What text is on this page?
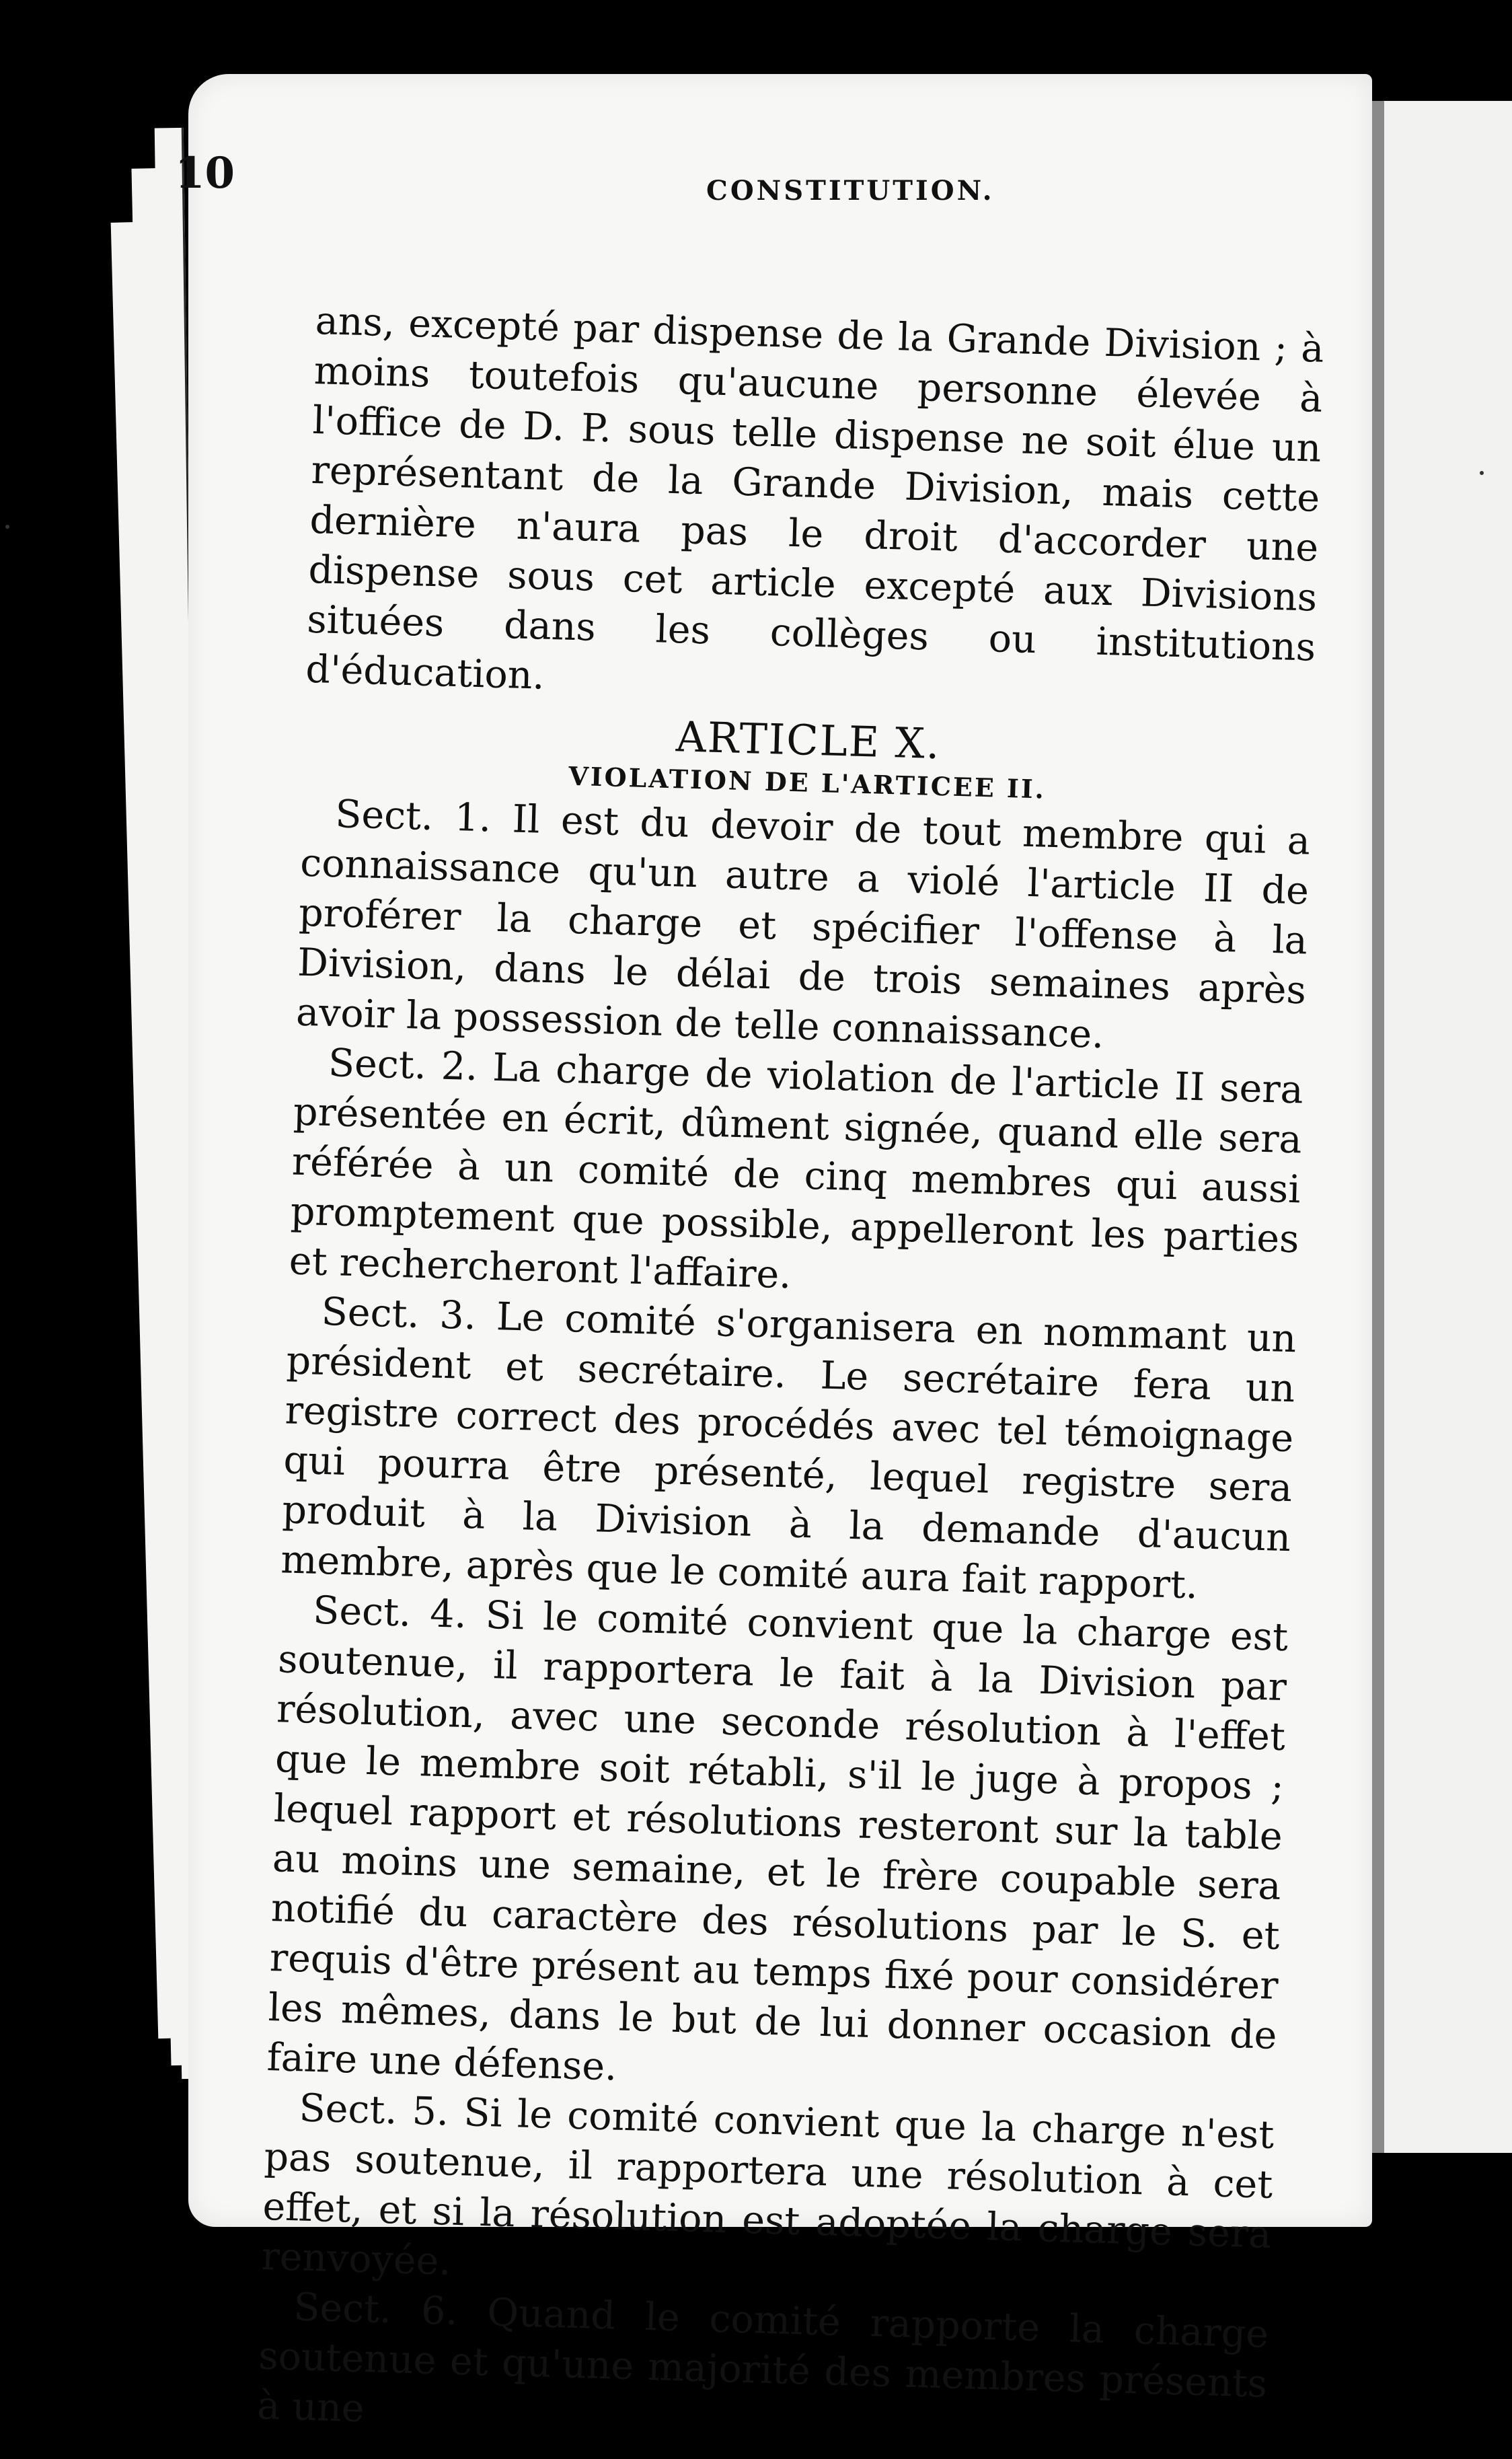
10	CONSTITUTION.

ans, excepté par dispense de la Grande Division ; à moins toutefois qu'aucune personne élevée à l'office de D. P. sous telle dispense ne soit élue un représentant de la Grande Division, mais cette dernière n'aura pas le droit d'accorder une dispense sous cet article excepté aux Divisions situées dans les collèges ou institutions d'éducation.

ARTICLE X.
VIOLATION DE L'ARTICEE II.

Sect. 1. Il est du devoir de tout membre qui a connaissance qu'un autre a violé l'article II de proférer la charge et spécifier l'offense à la Division, dans le délai de trois semaines après avoir la possession de telle connaissance.

Sect. 2. La charge de violation de l'article II sera présentée en écrit, dûment signée, quand elle sera référée à un comité de cinq membres qui aussi promptement que possible, appelleront les parties et rechercheront l'affaire.

Sect. 3. Le comité s'organisera en nommant un président et secrétaire. Le secrétaire fera un registre correct des procédés avec tel témoignage qui pourra être présenté, lequel registre sera produit à la Division à la demande d'aucun membre, après que le comité aura fait rapport.

Sect. 4. Si le comité convient que la charge est soutenue, il rapportera le fait à la Division par résolution, avec une seconde résolution à l'effet que le membre soit rétabli, s'il le juge à propos ; lequel rapport et résolutions resteront sur la table au moins une semaine, et le frère coupable sera notifié du caractère des résolutions par le S. et requis d'être présent au temps fixé pour considérer les mêmes, dans le but de lui donner occasion de faire une défense.

Sect. 5. Si le comité convient que la charge n'est pas soutenue, il rapportera une résolution à cet effet, et si la résolution est adoptée la charge sera renvoyée.

Sect. 6. Quand le comité rapporte la charge soutenue et qu'une majorité des membres présents à une
